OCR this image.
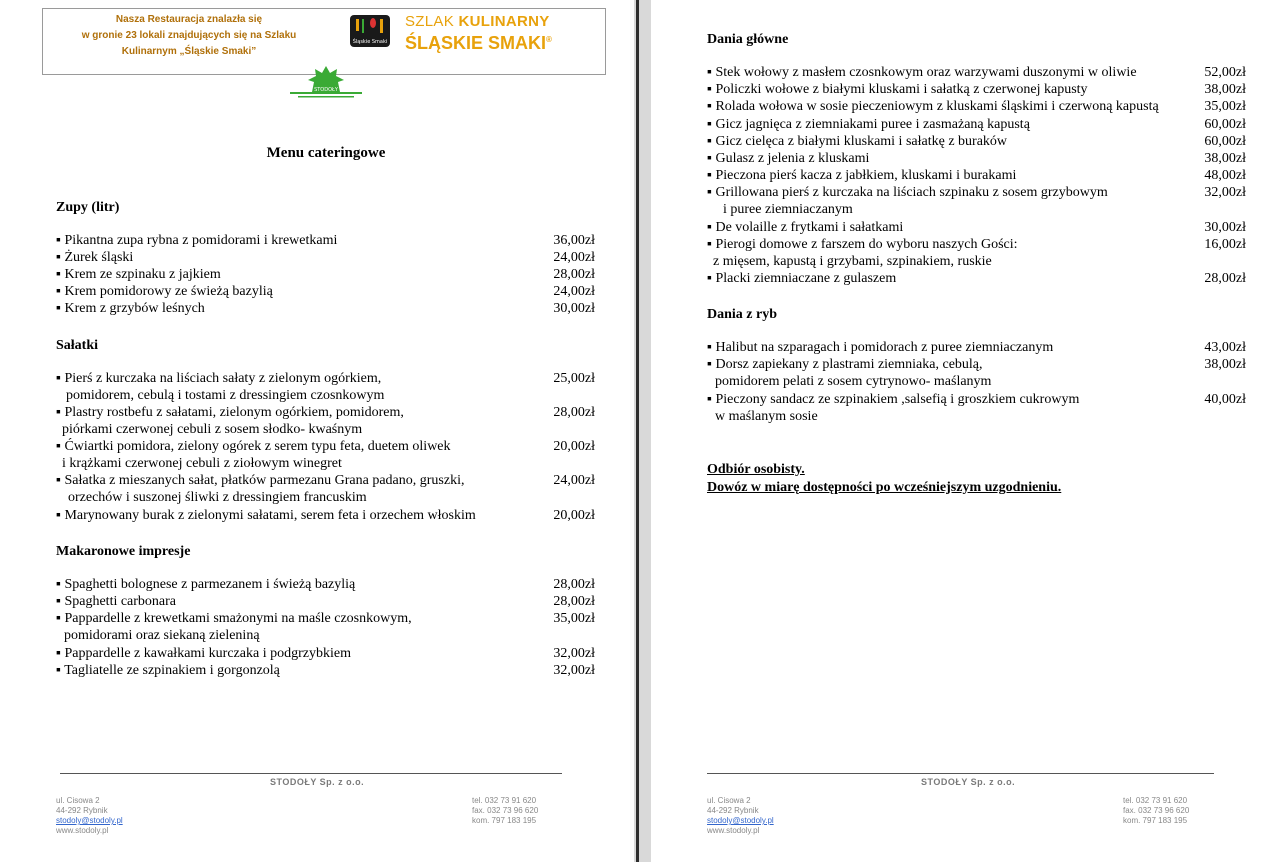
Nasza Restauracja znalazła się
w gronie 23 lokali znajdujących się na Szlaku
Kulinarnym „Śląskie Smaki”
Śląskie Smaki
SZLAK KULINARNY
ŚLĄSKIE SMAKI®
STODOŁY
Menu cateringowe
Zupy (litr)
▪ Pikantna zupa rybna z pomidorami i krewetkami	36,00zł
▪ Żurek śląski	24,00zł
▪ Krem ze szpinaku z jajkiem	28,00zł
▪ Krem pomidorowy ze świeżą bazylią	24,00zł
▪ Krem z grzybów leśnych	30,00zł
Sałatki
▪ Pierś z kurczaka na liściach sałaty z zielonym ogórkiem,	25,00zł
pomidorem, cebulą i tostami z dressingiem czosnkowym
▪ Plastry rostbefu z sałatami, zielonym ogórkiem, pomidorem,	28,00zł
piórkami czerwonej cebuli z sosem słodko- kwaśnym
▪ Ćwiartki pomidora, zielony ogórek z serem typu feta, duetem oliwek	20,00zł
i krążkami czerwonej cebuli z ziołowym winegret
▪ Sałatka z mieszanych sałat, płatków parmezanu Grana padano, gruszki,	24,00zł
orzechów i suszonej śliwki z dressingiem francuskim
▪ Marynowany burak z zielonymi sałatami, serem feta i orzechem włoskim	20,00zł
Makaronowe impresje
▪ Spaghetti bolognese z parmezanem i świeżą bazylią	28,00zł
▪ Spaghetti carbonara	28,00zł
▪ Pappardelle z krewetkami smażonymi na maśle czosnkowym,	35,00zł
pomidorami oraz siekaną zieleniną
▪ Pappardelle z kawałkami kurczaka i podgrzybkiem	32,00zł
▪ Tagliatelle ze szpinakiem i gorgonzolą	32,00zł
STODOŁY Sp. z o.o.
ul. Cisowa 2
44-292 Rybnik
stodoly@stodoly.pl
www.stodoly.pl
tel. 032 73 91 620
fax. 032 73 96 620
kom. 797 183 195
Dania główne
▪ Stek wołowy z masłem czosnkowym oraz warzywami duszonymi w oliwie	52,00zł
▪ Policzki wołowe z białymi kluskami i sałatką z czerwonej kapusty	38,00zł
▪ Rolada wołowa w sosie pieczeniowym z kluskami śląskimi i czerwoną kapustą	35,00zł
▪ Gicz jagnięca z ziemniakami puree i zasmażaną kapustą	60,00zł
▪ Gicz cielęca z białymi kluskami i sałatkę z buraków	60,00zł
▪ Gulasz z jelenia z kluskami	38,00zł
▪ Pieczona pierś kacza z jabłkiem, kluskami i burakami	48,00zł
▪ Grillowana pierś z kurczaka na liściach szpinaku z sosem grzybowym	32,00zł
i puree ziemniaczanym
▪ De volaille z frytkami i sałatkami	30,00zł
▪ Pierogi domowe z farszem do wyboru naszych Gości:	16,00zł
z mięsem, kapustą i grzybami, szpinakiem, ruskie
▪ Placki ziemniaczane z gulaszem	28,00zł
Dania z ryb
▪ Halibut na szparagach i pomidorach z puree ziemniaczanym	43,00zł
▪ Dorsz zapiekany z plastrami ziemniaka, cebulą,	38,00zł
pomidorem pelati z sosem cytrynowo- maślanym
▪ Pieczony sandacz ze szpinakiem ,salsefią i groszkiem cukrowym	40,00zł
w maślanym sosie
Odbiór osobisty.
Dowóz w miarę dostępności po wcześniejszym uzgodnieniu.
STODOŁY Sp. z o.o.
ul. Cisowa 2
44-292 Rybnik
stodoly@stodoly.pl
www.stodoly.pl
tel. 032 73 91 620
fax. 032 73 96 620
kom. 797 183 195
